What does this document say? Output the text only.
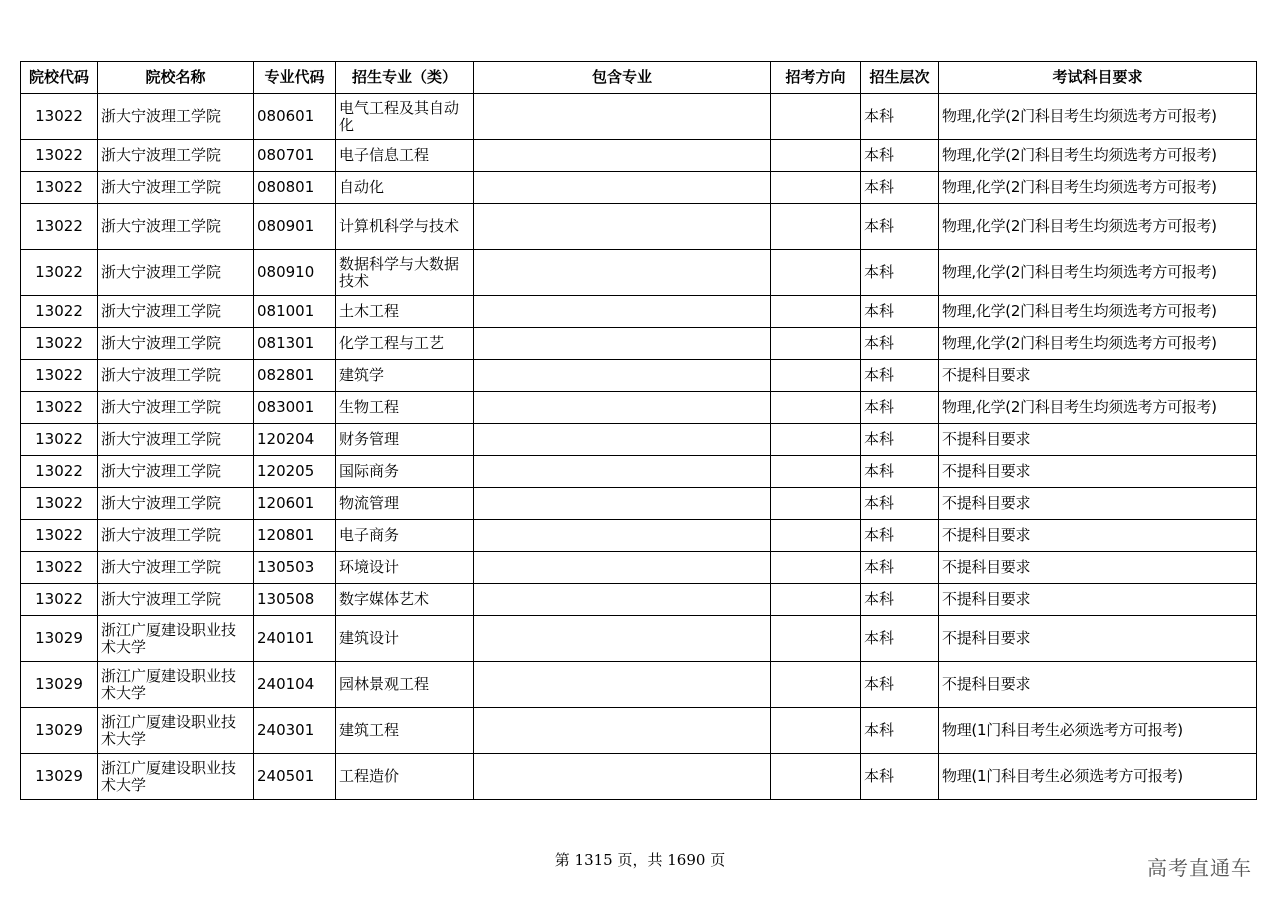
院校代码	院校名称	专业代码	招生专业（类）	包含专业	招考方向	招生层次	考试科目要求
13022	浙大宁波理工学院	080601	电气工程及其自动化			本科	物理,化学(2门科目考生均须选考方可报考)
13022	浙大宁波理工学院	080701	电子信息工程			本科	物理,化学(2门科目考生均须选考方可报考)
13022	浙大宁波理工学院	080801	自动化			本科	物理,化学(2门科目考生均须选考方可报考)
13022	浙大宁波理工学院	080901	计算机科学与技术			本科	物理,化学(2门科目考生均须选考方可报考)
13022	浙大宁波理工学院	080910	数据科学与大数据技术			本科	物理,化学(2门科目考生均须选考方可报考)
13022	浙大宁波理工学院	081001	土木工程			本科	物理,化学(2门科目考生均须选考方可报考)
13022	浙大宁波理工学院	081301	化学工程与工艺			本科	物理,化学(2门科目考生均须选考方可报考)
13022	浙大宁波理工学院	082801	建筑学			本科	不提科目要求
13022	浙大宁波理工学院	083001	生物工程			本科	物理,化学(2门科目考生均须选考方可报考)
13022	浙大宁波理工学院	120204	财务管理			本科	不提科目要求
13022	浙大宁波理工学院	120205	国际商务			本科	不提科目要求
13022	浙大宁波理工学院	120601	物流管理			本科	不提科目要求
13022	浙大宁波理工学院	120801	电子商务			本科	不提科目要求
13022	浙大宁波理工学院	130503	环境设计			本科	不提科目要求
13022	浙大宁波理工学院	130508	数字媒体艺术			本科	不提科目要求
13029	浙江广厦建设职业技术大学	240101	建筑设计			本科	不提科目要求
13029	浙江广厦建设职业技术大学	240104	园林景观工程			本科	不提科目要求
13029	浙江广厦建设职业技术大学	240301	建筑工程			本科	物理(1门科目考生必须选考方可报考)
13029	浙江广厦建设职业技术大学	240501	工程造价			本科	物理(1门科目考生必须选考方可报考)
第 1315 页，共 1690 页	高考直通车
